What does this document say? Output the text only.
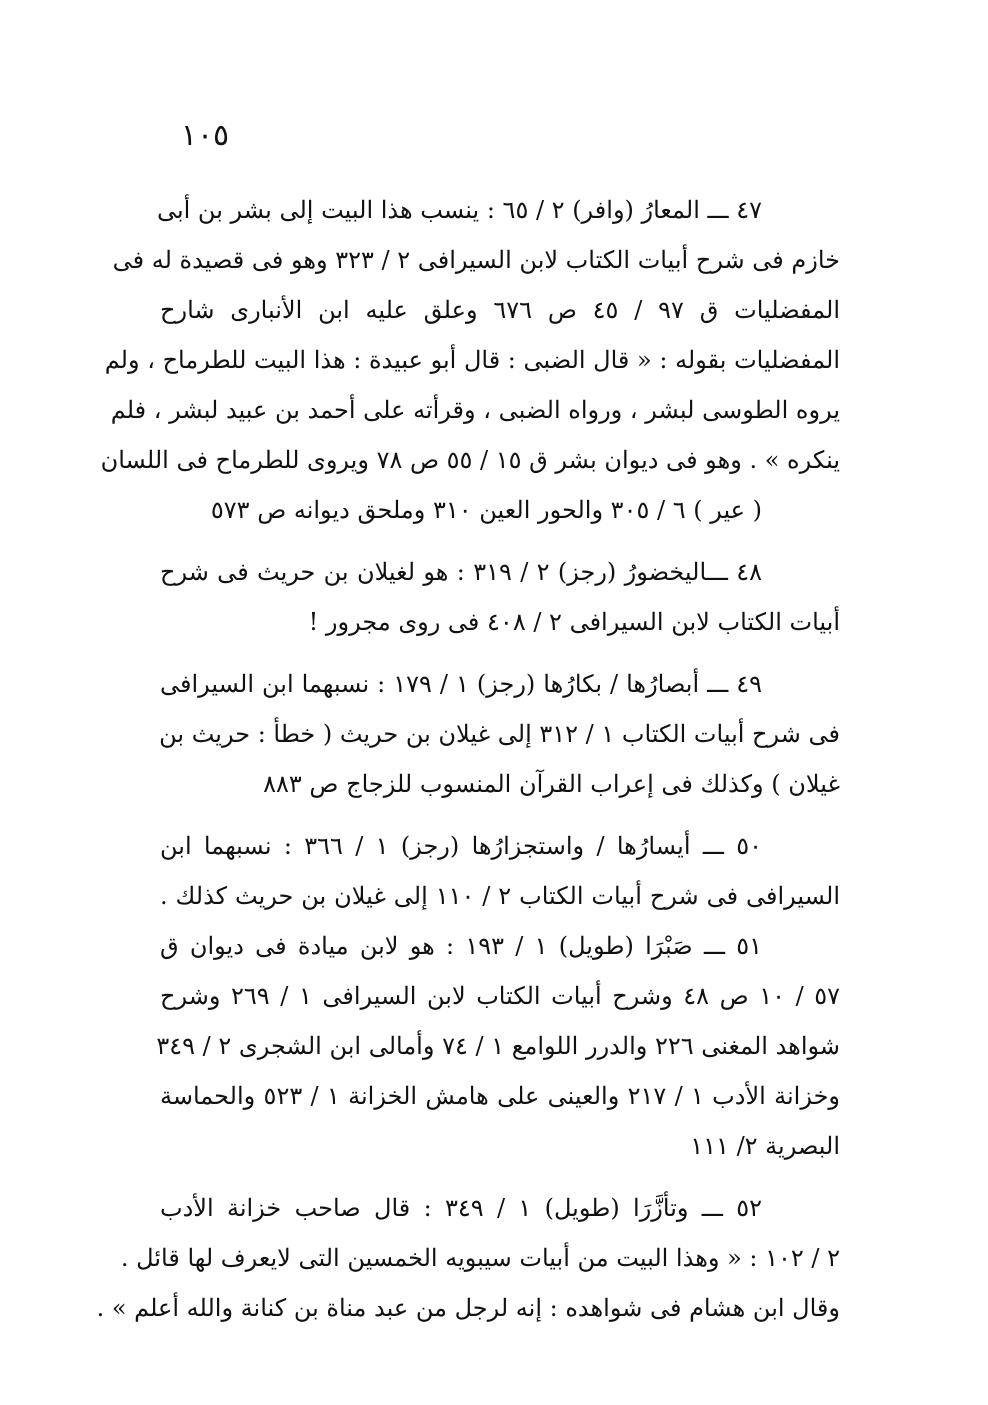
١٠٥
٤٧ ـــ المعارُ (وافر) ٢ / ٦٥ : ينسب هذا البيت إلى بشر بن أبى
خازم فى شرح أبيات الكتاب لابن السيرافى ٢ / ٣٢٣ وهو فى قصيدة له فى
المفضليات ق ٩٧ / ٤٥ ص ٦٧٦ وعلق عليه ابن الأنبارى شارح
المفضليات بقوله : « قال الضبى : قال أبو عبيدة : هذا البيت للطرماح ، ولم
يروه الطوسى لبشر ، ورواه الضبى ، وقرأته على أحمد بن عبيد لبشر ، فلم
ينكره » . وهو فى ديوان بشر ق ١٥ / ٥٥ ص ٧٨ ويروى للطرماح فى اللسان
( عير ) ٦ / ٣٠٥ والحور العين ٣١٠ وملحق ديوانه ص ٥٧٣
٤٨ ـــاليخضورُ (رجز) ٢ / ٣١٩ : هو لغيلان بن حريث فى شرح
أبيات الكتاب لابن السيرافى ٢ / ٤٠٨ فى روى مجرور !
٤٩ ـــ أبصارُها / بكارُها (رجز) ١ / ١٧٩ : نسبهما ابن السيرافى
فى شرح أبيات الكتاب ١ / ٣١٢ إلى غيلان بن حريث ( خطأ : حريث بن
غيلان ) وكذلك فى إعراب القرآن المنسوب للزجاج ص ٨٨٣
٥٠ ـــ أيسارُها / واستجزارُها (رجز) ١ / ٣٦٦ : نسبهما ابن
السيرافى فى شرح أبيات الكتاب ٢ / ١١٠ إلى غيلان بن حريث كذلك .
٥١ ـــ صَبْرَا (طويل) ١ / ١٩٣ : هو لابن ميادة فى ديوان ق
٥٧ / ١٠ ص ٤٨ وشرح أبيات الكتاب لابن السيرافى ١ / ٢٦٩ وشرح
شواهد المغنى ٢٢٦ والدرر اللوامع ١ / ٧٤ وأمالى ابن الشجرى ٢ / ٣٤٩
وخزانة الأدب ١ / ٢١٧ والعينى على هامش الخزانة ١ / ٥٢٣ والحماسة
البصرية ٢/ ١١١
٥٢ ـــ وتأزَّرَا (طويل) ١ / ٣٤٩ : قال صاحب خزانة الأدب
٢ / ١٠٢ : « وهذا البيت من أبيات سيبويه الخمسين التى لايعرف لها قائل .
وقال ابن هشام فى شواهده : إنه لرجل من عبد مناة بن كنانة والله أعلم » .
